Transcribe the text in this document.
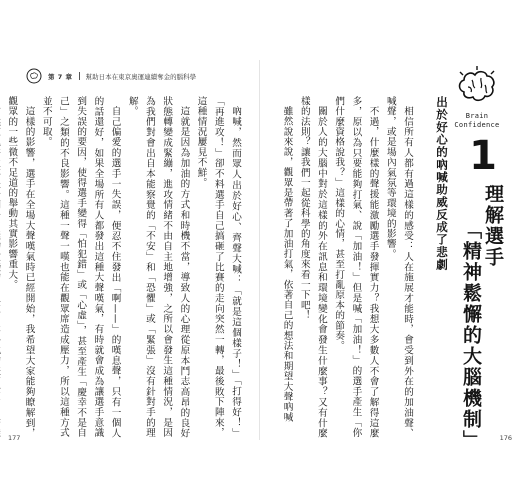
第 7 章 幫助日本在東京奧運連續奪金的腦科學

吶喊，然而眾人出於好心、齊聲大喊：「就是這個樣子！」「打得好！」「再進攻！」卻不料選手自己搞砸了比賽的走向突然一轉，最後敗下陣來，這種情況屢見不鮮。

這就是因為加油的方式和時機不當，導致人的心理從原本鬥志高昂的良好狀態轉變成緊繃，進攻情緒不由自主地增強，之所以會發生這種情況，是因為我們對會出自本能察覺的「不安」和「恐懼」或「緊張」沒有針對手的理解。

自己偏愛的選手一失誤，便忍不住發出「啊——」的嘆息聲，只有一個人的話還好，如果全場所有人都發出這種大聲嘆氣，有時就會成為讓選手意識到失誤的要因，使得選手變得「怕犯錯」或「心虛」，甚至產生「慶幸不是自己」之類的不良影響。這種一聲一嘆也能在觀眾席造成壓力，所以這種方式並不可取。

這樣的影響，選手在全場大聲嘆氣時已經開始，我希望大家能夠瞭解到，觀眾的一些微不足道的舉動其實影響重大。	相信所有人都有過這樣的感受：人在施展才能時，會受到外在的加油聲、喊聲，或是場內氣氛等環境的影響。

不過，什麼樣的聲援能激勵選手發揮實力？我想大多數人不會了解得這麼多，原以為只要能夠打氣、說「加油！」但是喊「加油！」的選手產生「你們什麼資格說我？」這樣的心情，甚至打亂原本的節奏。

關於人的大腦中對於這樣的外在訊息和環境變化會發生什麼事？又有什麼樣的法則？讓我們一起從科學的角度來看一下吧！

雖然說來說，觀眾是帶著了加油打氣，依著自己的想法和期望大聲吶喊	出於好心的吶喊助威反成了悲劇	Brain
Confidence
1
理解選手
「精神鬆懈的大腦機制」
177	176
